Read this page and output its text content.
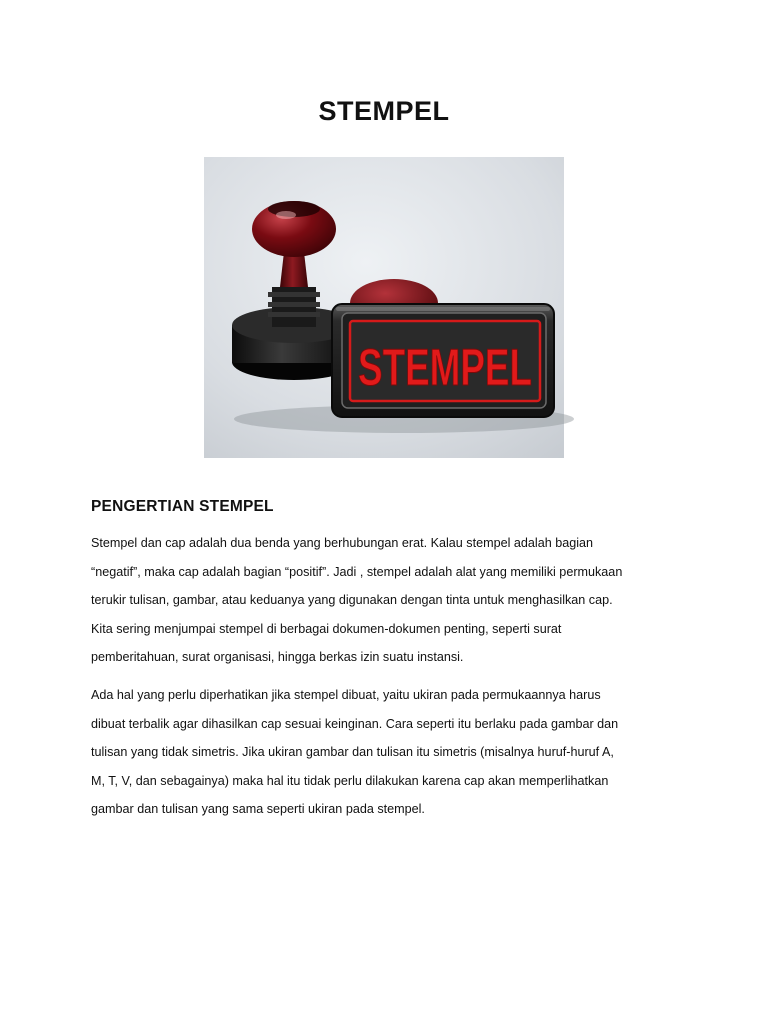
STEMPEL
STEMPEL
PENGERTIAN STEMPEL

Stempel dan cap adalah dua benda yang berhubungan erat. Kalau stempel adalah bagian
“negatif”, maka cap adalah bagian “positif”. Jadi , stempel adalah alat yang memiliki permukaan
terukir tulisan, gambar, atau keduanya yang digunakan dengan tinta untuk menghasilkan cap.
Kita sering menjumpai stempel di berbagai dokumen-dokumen penting, seperti surat
pemberitahuan, surat organisasi, hingga berkas izin suatu instansi.

Ada hal yang perlu diperhatikan jika stempel dibuat, yaitu ukiran pada permukaannya harus
dibuat terbalik agar dihasilkan cap sesuai keinginan. Cara seperti itu berlaku pada gambar dan
tulisan yang tidak simetris. Jika ukiran gambar dan tulisan itu simetris (misalnya huruf-huruf A,
M, T, V, dan sebagainya) maka hal itu tidak perlu dilakukan karena cap akan memperlihatkan
gambar dan tulisan yang sama seperti ukiran pada stempel.
